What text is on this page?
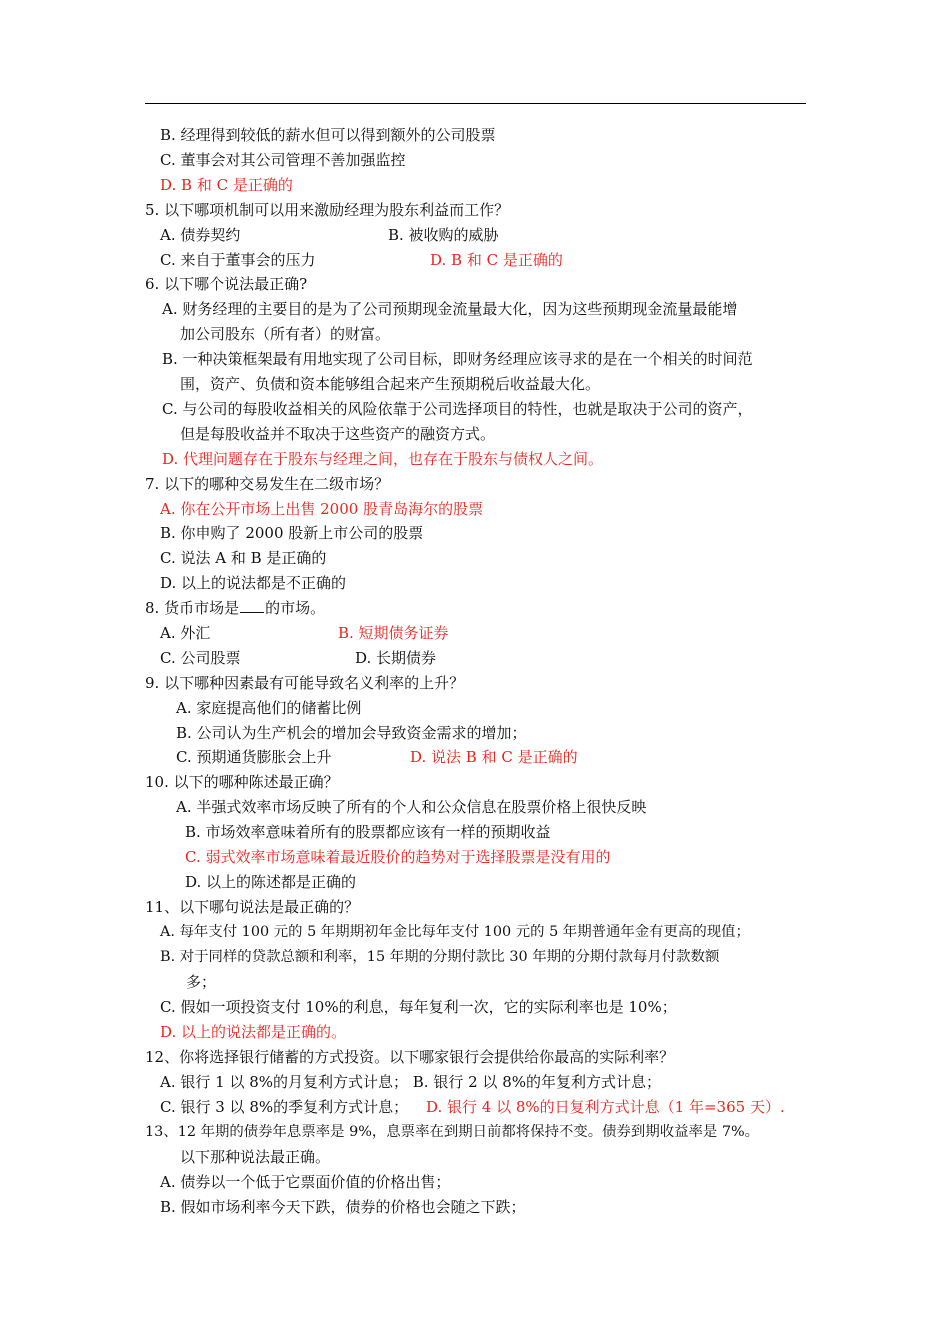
B. 经理得到较低的薪水但可以得到额外的公司股票
C. 董事会对其公司管理不善加强监控
D. B 和 C 是正确的
5. 以下哪项机制可以用来激励经理为股东利益而工作？
A. 债券契约	B. 被收购的威胁
C. 来自于董事会的压力	D. B 和 C 是正确的
6. 以下哪个说法最正确?
A. 财务经理的主要目的是为了公司预期现金流量最大化，因为这些预期现金流量最能增
加公司股东（所有者）的财富。
B. 一种决策框架最有用地实现了公司目标，即财务经理应该寻求的是在一个相关的时间范
围，资产、负债和资本能够组合起来产生预期税后收益最大化。
C. 与公司的每股收益相关的风险依靠于公司选择项目的特性，也就是取决于公司的资产，
但是每股收益并不取决于这些资产的融资方式。
D. 代理问题存在于股东与经理之间，也存在于股东与债权人之间。
7. 以下的哪种交易发生在二级市场？
A. 你在公开市场上出售 2000 股青岛海尔的股票
B. 你申购了 2000 股新上市公司的股票
C. 说法 A 和 B 是正确的
D. 以上的说法都是不正确的
8. 货币市场是 的市场。
A. 外汇	B. 短期债务证券
C. 公司股票	D. 长期债券
9. 以下哪种因素最有可能导致名义利率的上升？
A. 家庭提高他们的储蓄比例
B. 公司认为生产机会的增加会导致资金需求的增加；
C. 预期通货膨胀会上升	D. 说法 B 和 C 是正确的
10. 以下的哪种陈述最正确？
A. 半强式效率市场反映了所有的个人和公众信息在股票价格上很快反映
B. 市场效率意味着所有的股票都应该有一样的预期收益
C. 弱式效率市场意味着最近股价的趋势对于选择股票是没有用的
D. 以上的陈述都是正确的
11、以下哪句说法是最正确的？
A. 每年支付 100 元的 5 年期期初年金比每年支付 100 元的 5 年期普通年金有更高的现值；
B. 对于同样的贷款总额和利率，15 年期的分期付款比 30 年期的分期付款每月付款数额
多；
C. 假如一项投资支付 10%的利息，每年复利一次，它的实际利率也是 10%；
D. 以上的说法都是正确的。
12、你将选择银行储蓄的方式投资。以下哪家银行会提供给你最高的实际利率？
A. 银行 1 以 8%的月复利方式计息； B. 银行 2 以 8%的年复利方式计息；
C. 银行 3 以 8%的季复利方式计息； D. 银行 4 以 8%的日复利方式计息（1 年=365 天）.
13、12 年期的债券年息票率是 9%，息票率在到期日前都将保持不变。债券到期收益率是 7%。
以下那种说法最正确。
A. 债券以一个低于它票面价值的价格出售；
B. 假如市场利率今天下跌，债券的价格也会随之下跌；
